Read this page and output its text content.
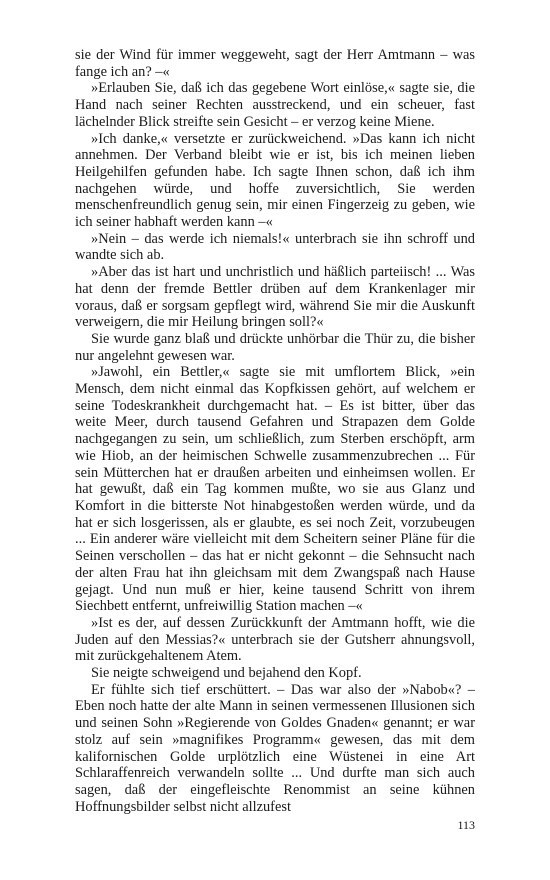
sie der Wind für immer weggeweht, sagt der Herr Amtmann – was fange ich an? –«

»Erlauben Sie, daß ich das gegebene Wort einlöse,« sagte sie, die Hand nach seiner Rechten ausstreckend, und ein scheuer, fast lächelnder Blick streifte sein Gesicht – er verzog keine Miene.

»Ich danke,« versetzte er zurückweichend. »Das kann ich nicht annehmen. Der Verband bleibt wie er ist, bis ich meinen lieben Heilgehilfen gefunden habe. Ich sagte Ihnen schon, daß ich ihm nachgehen würde, und hoffe zuversichtlich, Sie werden menschenfreundlich genug sein, mir einen Fingerzeig zu geben, wie ich seiner habhaft werden kann –«

»Nein – das werde ich niemals!« unterbrach sie ihn schroff und wandte sich ab.

»Aber das ist hart und unchristlich und häßlich parteiisch! ... Was hat denn der fremde Bettler drüben auf dem Krankenlager mir voraus, daß er sorgsam gepflegt wird, während Sie mir die Auskunft verweigern, die mir Heilung bringen soll?«

Sie wurde ganz blaß und drückte unhörbar die Thür zu, die bisher nur angelehnt gewesen war.

»Jawohl, ein Bettler,« sagte sie mit umflortem Blick, »ein Mensch, dem nicht einmal das Kopfkissen gehört, auf welchem er seine Todeskrankheit durchgemacht hat. – Es ist bitter, über das weite Meer, durch tausend Gefahren und Strapazen dem Golde nachgegangen zu sein, um schließlich, zum Sterben erschöpft, arm wie Hiob, an der heimischen Schwelle zusammenzubrechen ... Für sein Mütterchen hat er draußen arbeiten und einheimsen wollen. Er hat gewußt, daß ein Tag kommen mußte, wo sie aus Glanz und Komfort in die bitterste Not hinabgestoßen werden würde, und da hat er sich losgerissen, als er glaubte, es sei noch Zeit, vorzubeugen ... Ein anderer wäre vielleicht mit dem Scheitern seiner Pläne für die Seinen verschollen – das hat er nicht gekonnt – die Sehnsucht nach der alten Frau hat ihn gleichsam mit dem Zwangspaß nach Hause gejagt. Und nun muß er hier, keine tausend Schritt von ihrem Siechbett entfernt, unfreiwillig Station machen –«

»Ist es der, auf dessen Zurückkunft der Amtmann hofft, wie die Juden auf den Messias?« unterbrach sie der Gutsherr ahnungsvoll, mit zurückgehaltenem Atem.

Sie neigte schweigend und bejahend den Kopf.

Er fühlte sich tief erschüttert. – Das war also der »Nabob«? – Eben noch hatte der alte Mann in seinen vermessenen Illusionen sich und seinen Sohn »Regierende von Goldes Gnaden« genannt; er war stolz auf sein »magnifikes Programm« gewesen, das mit dem kalifornischen Golde urplötzlich eine Wüstenei in eine Art Schlaraffenreich verwandeln sollte ... Und durfte man sich auch sagen, daß der eingefleischte Renommist an seine kühnen Hoffnungsbilder selbst nicht allzufest

113
